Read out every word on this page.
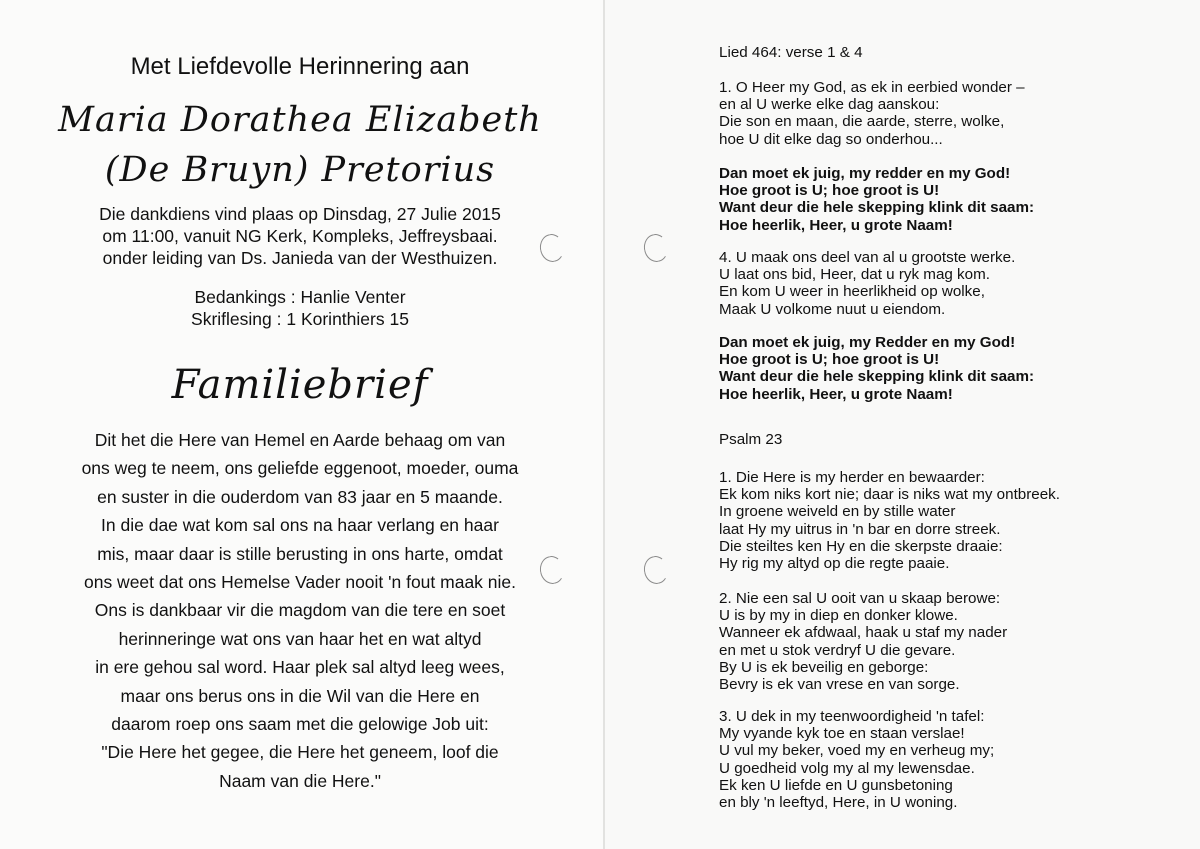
Met Liefdevolle Herinnering aan
Maria Dorathea Elizabeth
(De Bruyn) Pretorius
Die dankdiens vind plaas op Dinsdag, 27 Julie 2015
om 11:00, vanuit NG Kerk, Kompleks, Jeffreysbaai.
onder leiding van Ds. Janieda van der Westhuizen.
Bedankings : Hanlie Venter
Skriflesing : 1 Korinthiers 15
Familiebrief
Dit het die Here van Hemel en Aarde behaag om van
ons weg te neem, ons geliefde eggenoot, moeder, ouma
en suster in die ouderdom van 83 jaar en 5 maande.
In die dae wat kom sal ons na haar verlang en haar
mis, maar daar is stille berusting in ons harte, omdat
ons weet dat ons Hemelse Vader nooit 'n fout maak nie.
Ons is dankbaar vir die magdom van die tere en soet
herinneringe wat ons van haar het en wat altyd
in ere gehou sal word. Haar plek sal altyd leeg wees,
maar ons berus ons in die Wil van die Here en
daarom roep ons saam met die gelowige Job uit:
"Die Here het gegee, die Here het geneem, loof die
Naam van die Here."
Lied 464: verse 1 & 4

1. O Heer my God, as ek in eerbied wonder –

en al U werke elke dag aanskou:

Die son en maan, die aarde, sterre, wolke,

hoe U dit elke dag so onderhou...

Dan moet ek juig, my redder en my God!

Hoe groot is U; hoe groot is U!

Want deur die hele skepping klink dit saam:

Hoe heerlik, Heer, u grote Naam!

4. U maak ons deel van al u grootste werke.

U laat ons bid, Heer, dat u ryk mag kom.

En kom U weer in heerlikheid op wolke,

Maak U volkome nuut u eiendom.

Dan moet ek juig, my Redder en my God!

Hoe groot is U; hoe groot is U!

Want deur die hele skepping klink dit saam:

Hoe heerlik, Heer, u grote Naam!

Psalm 23

1. Die Here is my herder en bewaarder:

Ek kom niks kort nie; daar is niks wat my ontbreek.

In groene weiveld en by stille water

laat Hy my uitrus in 'n bar en dorre streek.

Die steiltes ken Hy en die skerpste draaie:

Hy rig my altyd op die regte paaie.

2. Nie een sal U ooit van u skaap berowe:

U is by my in diep en donker klowe.

Wanneer ek afdwaal, haak u staf my nader

en met u stok verdryf U die gevare.

By U is ek beveilig en geborge:

Bevry is ek van vrese en van sorge.

3. U dek in my teenwoordigheid 'n tafel:

My vyande kyk toe en staan verslae!

U vul my beker, voed my en verheug my;

U goedheid volg my al my lewensdae.

Ek ken U liefde en U gunsbetoning

en bly 'n leeftyd, Here, in U woning.
